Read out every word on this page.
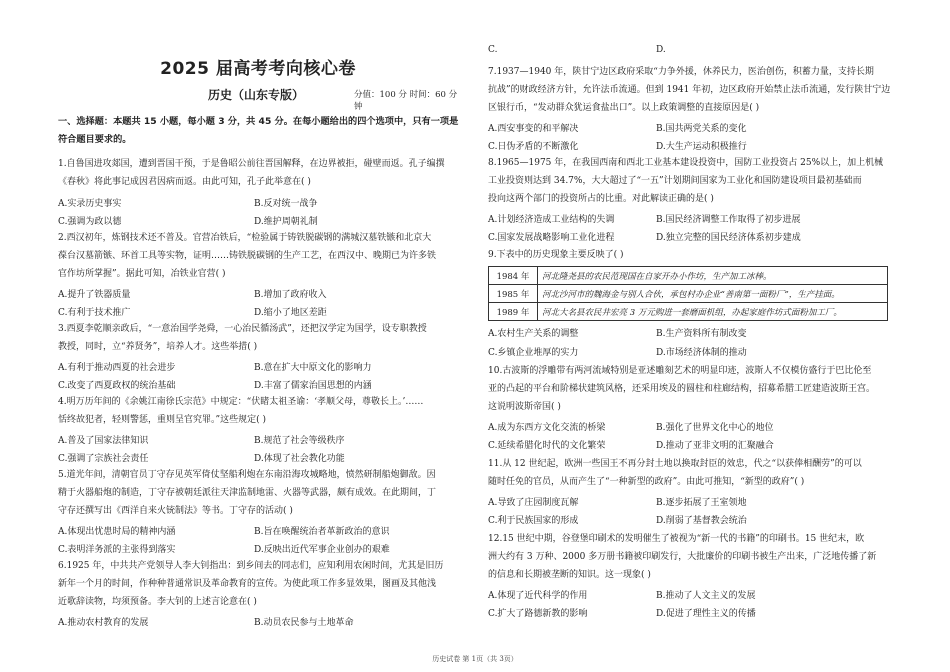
2025 届高考考向核心卷
历史（山东专版）	分值：100 分 时间：60 分钟
一、选择题：本题共 15 小题，每小题 3 分，共 45 分。在每小题给出的四个选项中，只有一项是
符合题目要求的。
1.自鲁国进攻郯国，遭到晋国干预，于是鲁昭公前往晋国解释，在边界被拒，碰壁而返。孔子编撰
《春秋》将此事记成因君因病而返。由此可知，孔子此举意在( )
A.实录历史事实	B.反对统一战争
C.强调为政以德	D.维护周朝礼制
2.西汉初年，炼钢技术还不普及。官营冶铁后，“检验属于铸铁脱碳钢的满城汉墓铁镞和北京大
葆台汉墓箭镞、环首工具等实物，证明……铸铁脱碳钢的生产工艺，在西汉中、晚期已为许多铁
官作坊所掌握”。据此可知，冶铁业官营( )
A.提升了铁器质量	B.增加了政府收入
C.有利于技术推广	D.缩小了地区差距
3.西夏李乾顺亲政后，“一意治国学尧舜，一心治民循汤武”，还把汉学定为国学，设专职教授
教授，同时，立“养贤务”，培养人才。这些举措( )
A.有利于推动西夏的社会进步	B.意在扩大中原文化的影响力
C.改变了西夏政权的统治基础	D.丰富了儒家治国思想的内涵
4.明万历年间的《余姚江南徐氏宗范》中规定：“伏睹太祖圣谕：‘孝顺父母，尊敬长上。’……
恬终故犯者，轻则警惩，重则呈官究罪。”这些规定( )
A.普及了国家法律知识	B.规范了社会等级秩序
C.强调了宗族社会责任	D.体现了社会教化功能
5.道光年间，清朝官员丁守存见英军倚仗坚船利炮在东南沿海攻城略地，愤然研制船炮御敌。因
精于火器船炮的制造，丁守存被朝廷派往天津监制地雷、火器等武器，颇有成效。在此期间，丁
守存还撰写出《西洋自来火铳制法》等书。丁守存的活动( )
A.体现出忧患时局的精神内涵	B.旨在唤醒统治者革新政治的意识
C.表明洋务派的主张得到落实	D.反映出近代军事企业创办的艰难
6.1925 年，中共共产党领导人李大钊指出：到乡间去的同志们，应知利用农闲时间，尤其是旧历
新年一个月的时间，作种种普通常识及革命教育的宣传。为使此项工作多显效果，图画及其他浅
近歌辞读物，均须预备。李大钊的上述言论意在( )
A.推动农村教育的发展	B.动员农民参与土地革命
C.	D.
7.1937—1940 年，陕甘宁边区政府采取“力争外援，休养民力，医治创伤，积蓄力量，支持长期
抗战”的财政经济方针，允许法币流通。但到 1941 年初，边区政府开始禁止法币流通，发行陕甘宁边
区银行币，“发动群众犹运食盐出口”。以上政策调整的直接原因是( )
A.西安事变的和平解决	B.国共两党关系的变化
C.日伪矛盾的不断激化	D.大生产运动积极推行
8.1965—1975 年，在我国西南和西北工业基本建设投资中，国防工业投资占 25%以上，加上机械
工业投资则达到 34.7%，大大超过了“一五”计划期间国家为工业化和国防建设项目最初基础而
投向这两个部门的投资所占的比重。对此解读正确的是( )
A.计划经济造成工业结构的失调	B.国民经济调整工作取得了初步进展
C.国家发展战略影响工业化进程	D.独立完整的国民经济体系初步建成
9.下表中的历史现象主要反映了( )
1984 年	河北隆尧县的农民范现国在自家开办小作坊，生产加工冰棒。
1985 年	河北沙河市的魏海金与别人合伙，承包村办企业“善南第一面粉厂”，生产挂面。
1989 年	河北大名县农民井宏亮 3 万元购进一套磨面机组，办起家庭作坊式面粉加工厂。
A.农村生产关系的调整	B.生产资料所有制改变
C.乡镇企业堆厚的实力	D.市场经济体制的推动
10.古波斯的浮雕带有两河流域特别是亚述雕刻艺术的明显印迹，波斯人不仅模仿盛行于巴比伦至
亚的凸起的平台和阶梯状建筑风格，还采用埃及的圆柱和柱廊结构，招募希腊工匠建造波斯王宫。
这说明波斯帝国( )
A.成为东西方文化交流的桥梁	B.强化了世界文化中心的地位
C.延续希腊化时代的文化繁荣	D.推动了亚非文明的汇聚融合
11.从 12 世纪起，欧洲一些国王不再分封土地以换取封臣的效忠，代之“以获俸相酬劳”的可以
随时任免的官员，从而产生了“一种新型的政府”。由此可推知，“新型的政府”( )
A.导致了庄园制度瓦解	B.逐步拓展了王室领地
C.利于民族国家的形成	D.削弱了基督教会统治
12.15 世纪中期，谷登堡印刷术的发明催生了被视为“新一代的书籍”的印刷书。15 世纪末，欧
洲大约有 3 万种、2000 多万册书籍被印刷发行，大批廉价的印刷书被生产出来，广泛地传播了新
的信息和长期被垄断的知识。这一现象( )
A.体现了近代科学的作用	B.推动了人文主义的发展
C.扩大了路德新教的影响	D.促进了理性主义的传播
历史试卷 第 1页（共 3页）
